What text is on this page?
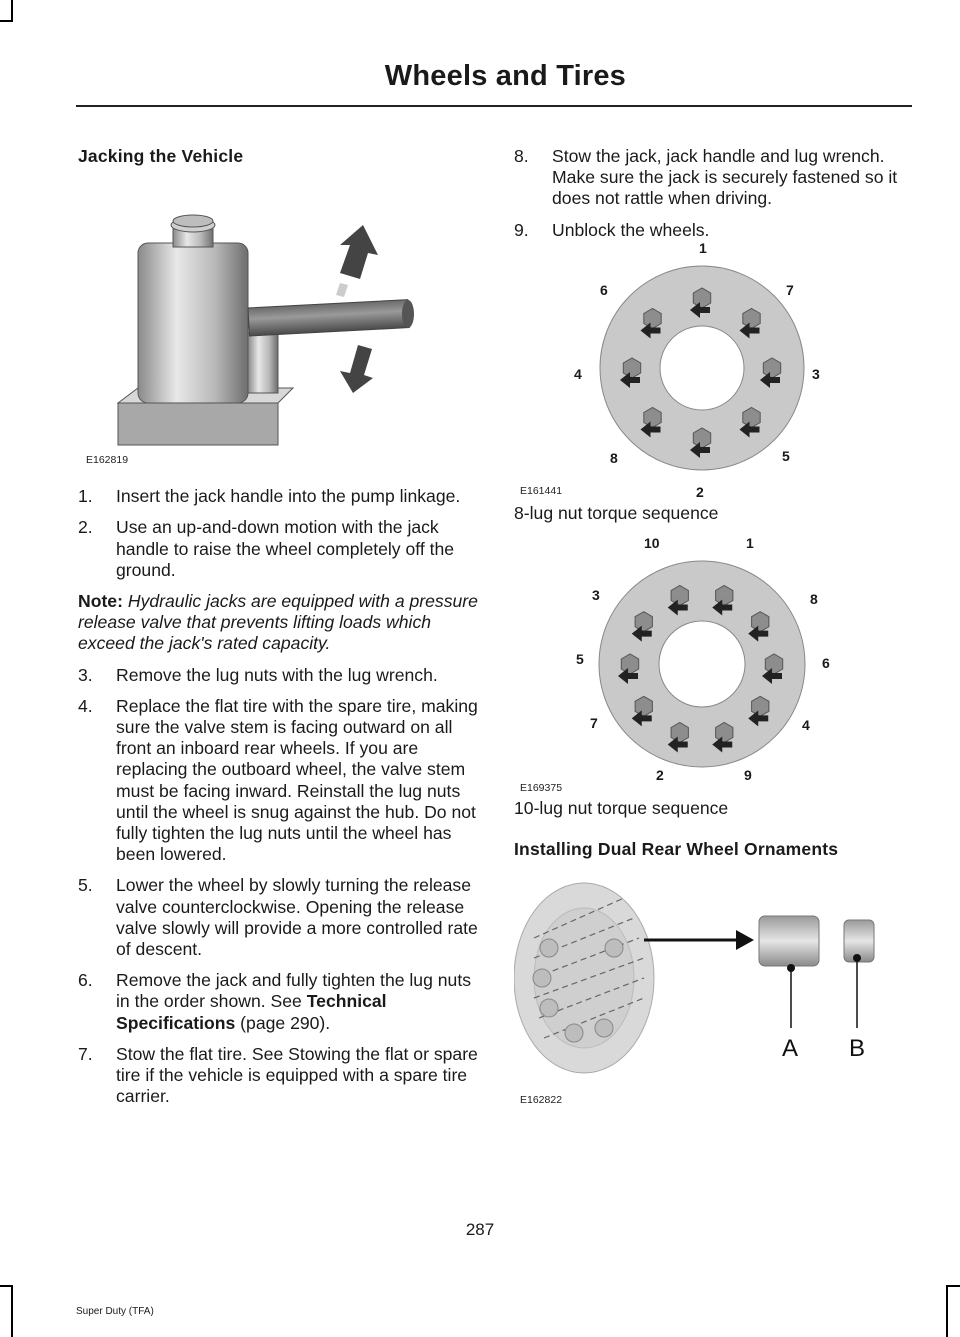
Wheels and Tires
Jacking the Vehicle
E162819
1. Insert the jack handle into the pump linkage.
2. Use an up-and-down motion with the jack handle to raise the wheel completely off the ground.

Note: Hydraulic jacks are equipped with a pressure release valve that prevents lifting loads which exceed the jack's rated capacity.

3. Remove the lug nuts with the lug wrench.
4. Replace the flat tire with the spare tire, making sure the valve stem is facing outward on all front an inboard rear wheels. If you are replacing the outboard wheel, the valve stem must be facing inward. Reinstall the lug nuts until the wheel is snug against the hub. Do not fully tighten the lug nuts until the wheel has been lowered.
5. Lower the wheel by slowly turning the release valve counterclockwise. Opening the release valve slowly will provide a more controlled rate of descent.
6. Remove the jack and fully tighten the lug nuts in the order shown. See Technical Specifications (page 290).
7. Stow the flat tire. See Stowing the flat or spare tire if the vehicle is equipped with a spare tire carrier.
8. Stow the jack, jack handle and lug wrench. Make sure the jack is securely fastened so it does not rattle when driving.
9. Unblock the wheels.
1
7
3
5
2
8
4
6
E161441

8-lug nut torque sequence

1
8
6
4
9
2
7
5
3
10
E169375

10-lug nut torque sequence

Installing Dual Rear Wheel Ornaments
A B
E162822
287
Super Duty (TFA)
